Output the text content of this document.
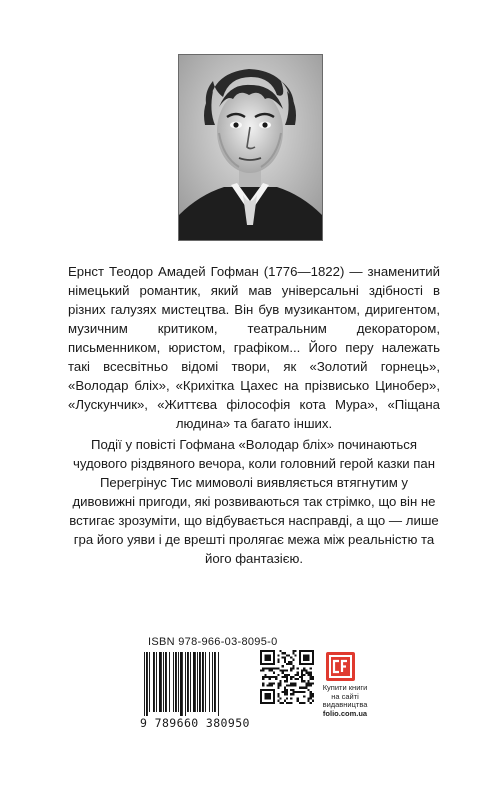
Ернст Теодор Амадей Гофман (1776—1822) — знаменитий німецький романтик, який мав універсальні здібності в різних галузях мистецтва. Він був музикантом, диригентом, музичним критиком, театральним декоратором, письменником, юристом, графіком... Його перу належать такі всесвітньо відомі твори, як «Золотий горнець», «Володар бліх», «Крихітка Цахес на прізвисько Цинобер», «Лускунчик», «Життєва філософія кота Мура», «Піщана людина» та багато інших.

Події у повісті Гофмана «Володар бліх» починаються чудового різдвяного вечора, коли головний герой казки пан Перегрінус Тис мимоволі виявляється втягнутим у дивовижні пригоди, які розвиваються так стрімко, що він не встигає зрозуміти, що відбувається насправді, а що — лише гра його уяви і де врешті пролягає межа між реальністю та його фантазією.

ISBN 978-966-03-8095-0
9 789660 380950
Купити книги
на сайті
видавництва
folio.com.ua
